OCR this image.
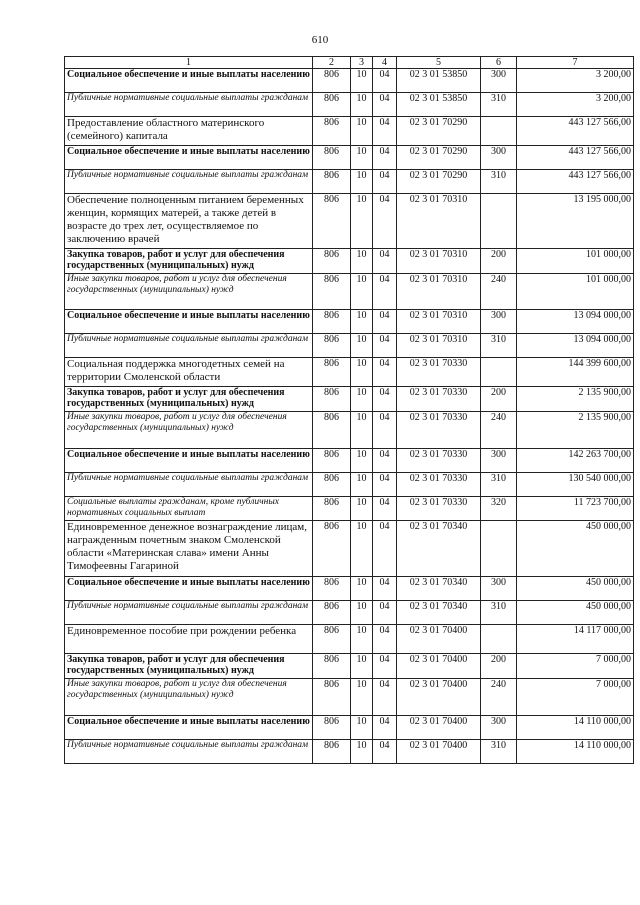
610
1	2	3	4	5	6	7
Социальное обеспечение и иные выплаты населению	806	10	04	02 3 01 53850	300	3 200,00
Публичные нормативные социальные выплаты гражданам	806	10	04	02 3 01 53850	310	3 200,00
Предоставление областного материнского (семейного) капитала	806	10	04	02 3 01 70290		443 127 566,00
Социальное обеспечение и иные выплаты населению	806	10	04	02 3 01 70290	300	443 127 566,00
Публичные нормативные социальные выплаты гражданам	806	10	04	02 3 01 70290	310	443 127 566,00
Обеспечение полноценным питанием беременных женщин, кормящих матерей, а также детей в возрасте до трех лет, осуществляемое по заключению врачей	806	10	04	02 3 01 70310		13 195 000,00
Закупка товаров, работ и услуг для обеспечения государственных (муниципальных) нужд	806	10	04	02 3 01 70310	200	101 000,00
Иные закупки товаров, работ и услуг для обеспечения государственных (муниципальных) нужд	806	10	04	02 3 01 70310	240	101 000,00
Социальное обеспечение и иные выплаты населению	806	10	04	02 3 01 70310	300	13 094 000,00
Публичные нормативные социальные выплаты гражданам	806	10	04	02 3 01 70310	310	13 094 000,00
Социальная поддержка многодетных семей на территории Смоленской области	806	10	04	02 3 01 70330		144 399 600,00
Закупка товаров, работ и услуг для обеспечения государственных (муниципальных) нужд	806	10	04	02 3 01 70330	200	2 135 900,00
Иные закупки товаров, работ и услуг для обеспечения государственных (муниципальных) нужд	806	10	04	02 3 01 70330	240	2 135 900,00
Социальное обеспечение и иные выплаты населению	806	10	04	02 3 01 70330	300	142 263 700,00
Публичные нормативные социальные выплаты гражданам	806	10	04	02 3 01 70330	310	130 540 000,00
Социальные выплаты гражданам, кроме публичных нормативных социальных выплат	806	10	04	02 3 01 70330	320	11 723 700,00
Единовременное денежное вознаграждение лицам, награжденным почетным знаком Смоленской области «Материнская слава» имени Анны Тимофеевны Гагариной	806	10	04	02 3 01 70340		450 000,00
Социальное обеспечение и иные выплаты населению	806	10	04	02 3 01 70340	300	450 000,00
Публичные нормативные социальные выплаты гражданам	806	10	04	02 3 01 70340	310	450 000,00
Единовременное пособие при рождении ребенка	806	10	04	02 3 01 70400		14 117 000,00
Закупка товаров, работ и услуг для обеспечения государственных (муниципальных) нужд	806	10	04	02 3 01 70400	200	7 000,00
Иные закупки товаров, работ и услуг для обеспечения государственных (муниципальных) нужд	806	10	04	02 3 01 70400	240	7 000,00
Социальное обеспечение и иные выплаты населению	806	10	04	02 3 01 70400	300	14 110 000,00
Публичные нормативные социальные выплаты гражданам	806	10	04	02 3 01 70400	310	14 110 000,00
